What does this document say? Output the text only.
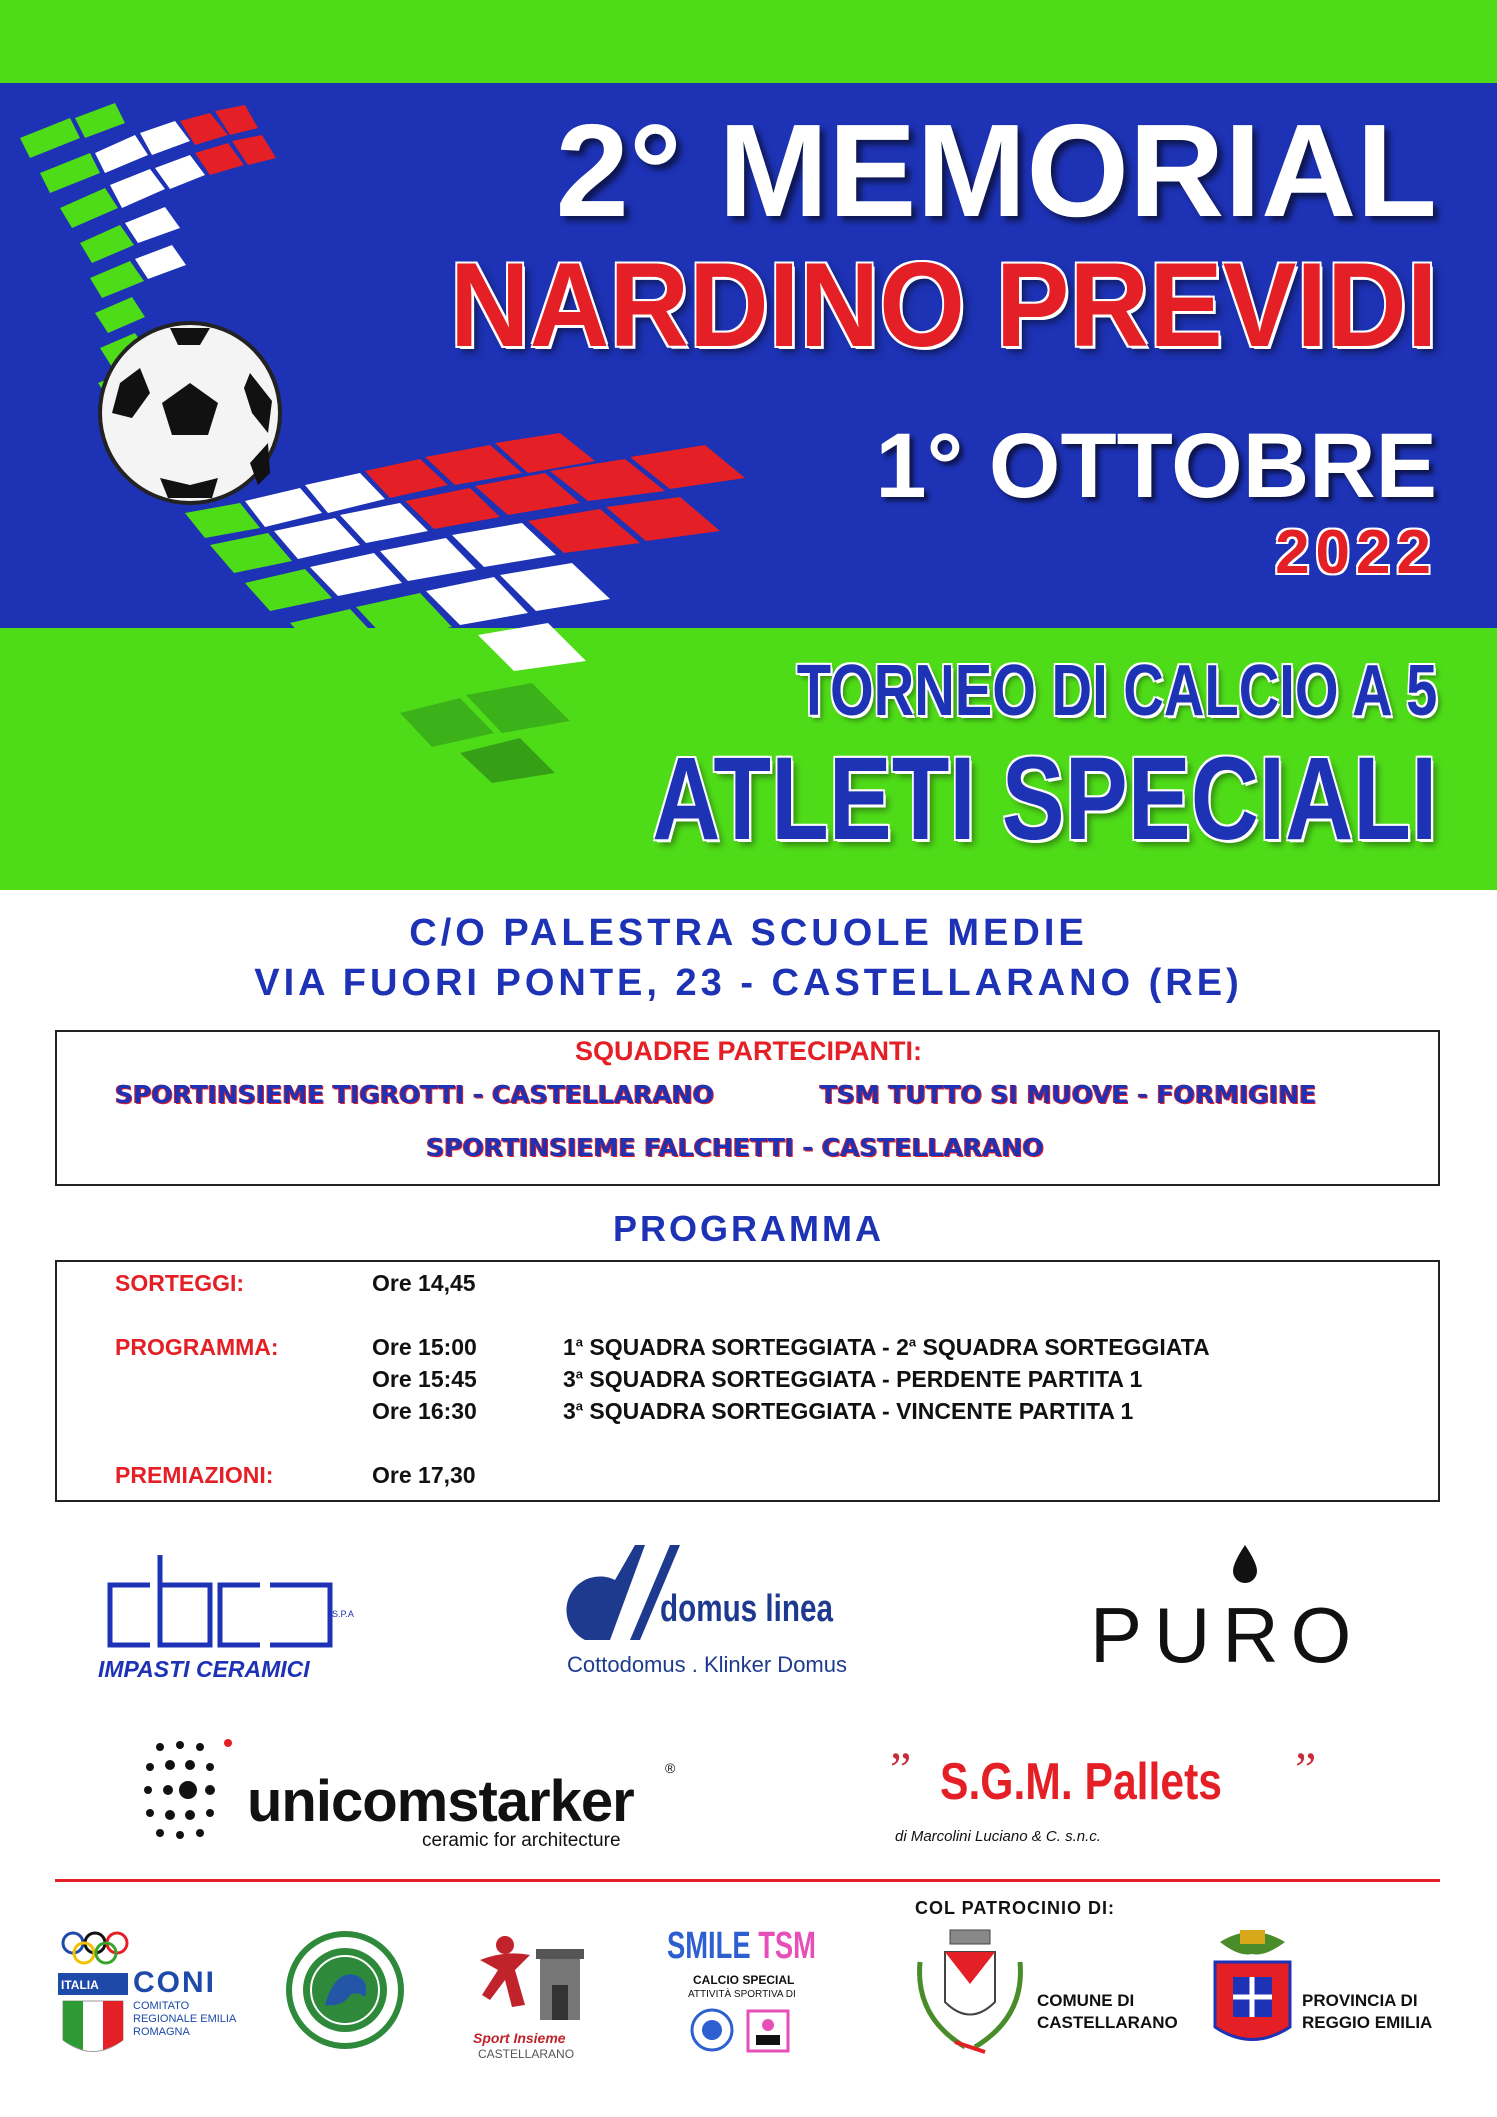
2° MEMORIAL
NARDINO PREVIDI
1° OTTOBRE
2022
TORNEO DI CALCIO A 5
ATLETI SPECIALI
C/O PALESTRA SCUOLE MEDIE
VIA FUORI PONTE, 23 - CASTELLARANO (RE)
SQUADRE PARTECIPANTI:
SPORTINSIEME TIGROTTI - CASTELLARANO	TSM TUTTO SI MUOVE - FORMIGINE
SPORTINSIEME FALCHETTI - CASTELLARANO
PROGRAMMA
SORTEGGI:	Ore 14,45
PROGRAMMA:	Ore 15:00	1$^a$ SQUADRA SORTEGGIATA - 2$^a$ SQUADRA SORTEGGIATA
Ore 15:45	3$^a$ SQUADRA SORTEGGIATA - PERDENTE PARTITA 1
Ore 16:30	3$^a$ SQUADRA SORTEGGIATA - VINCENTE PARTITA 1
PREMIAZIONI:	Ore 17,30
S.P.A
IMPASTI CERAMICI
domus linea
Cottodomus . Klinker Domus	PURO
®
unicomstarker
ceramic for architecture
”	”
S.G.M. Pallets
di Marcolini Luciano & C. s.n.c.
COL PATROCINIO DI:
ITALIA CONI
COMITATO REGIONALE EMILIA ROMAGNA	Sport Insieme
CASTELLARANO
SMILE TSM
CALCIO SPECIAL
ATTIVITÀ SPORTIVA DI	COMUNE DI
CASTELLARANO
PROVINCIA DI
REGGIO EMILIA
